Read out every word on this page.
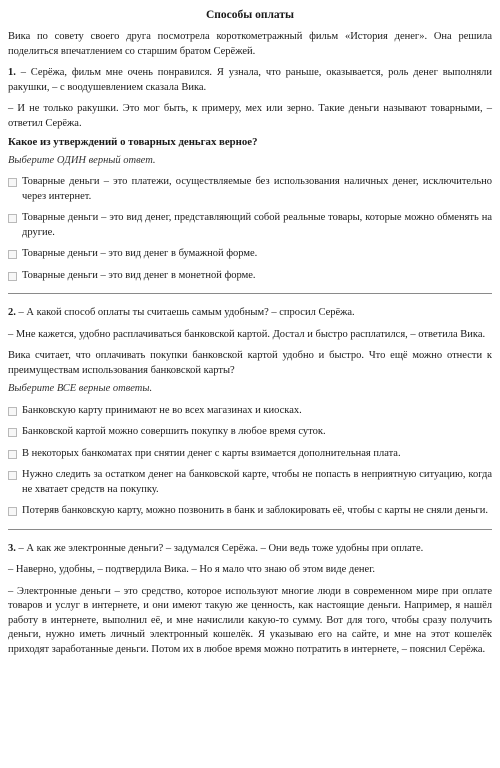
Способы оплаты

Вика по совету своего друга посмотрела короткометражный фильм «История денег». Она решила поделиться впечатлением со старшим братом Серёжей.

1. – Серёжа, фильм мне очень понравился. Я узнала, что раньше, оказывается, роль денег выполняли ракушки, – с воодушевлением сказала Вика.

– И не только ракушки. Это мог быть, к примеру, мех или зерно. Такие деньги называют товарными, – ответил Серёжа.

Какое из утверждений о товарных деньгах верное?

Выберите ОДИН верный ответ.

Товарные деньги – это платежи, осуществляемые без использования наличных денег, исключительно через интернет.
Товарные деньги – это вид денег, представляющий собой реальные товары, которые можно обменять на другие.
Товарные деньги – это вид денег в бумажной форме.
Товарные деньги – это вид денег в монетной форме.

2. – А какой способ оплаты ты считаешь самым удобным? – спросил Серёжа.

– Мне кажется, удобно расплачиваться банковской картой. Достал и быстро расплатился, – ответила Вика.

Вика считает, что оплачивать покупки банковской картой удобно и быстро. Что ещё можно отнести к преимуществам использования банковской карты?

Выберите ВСЕ верные ответы.

Банковскую карту принимают не во всех магазинах и киосках.
Банковской картой можно совершить покупку в любое время суток.
В некоторых банкоматах при снятии денег с карты взимается дополнительная плата.
Нужно следить за остатком денег на банковской карте, чтобы не попасть в неприятную ситуацию, когда не хватает средств на покупку.
Потеряв банковскую карту, можно позвонить в банк и заблокировать её, чтобы с карты не сняли деньги.

3. – А как же электронные деньги? – задумался Серёжа. – Они ведь тоже удобны при оплате.

– Наверно, удобны, – подтвердила Вика. – Но я мало что знаю об этом виде денег.

– Электронные деньги – это средство, которое используют многие люди в современном мире при оплате товаров и услуг в интернете, и они имеют такую же ценность, как настоящие деньги. Например, я нашёл работу в интернете, выполнил её, и мне начислили какую-то сумму. Вот для того, чтобы сразу получить деньги, нужно иметь личный электронный кошелёк. Я указываю его на сайте, и мне на этот кошелёк приходят заработанные деньги. Потом их в любое время можно потратить в интернете, – пояснил Серёжа.
